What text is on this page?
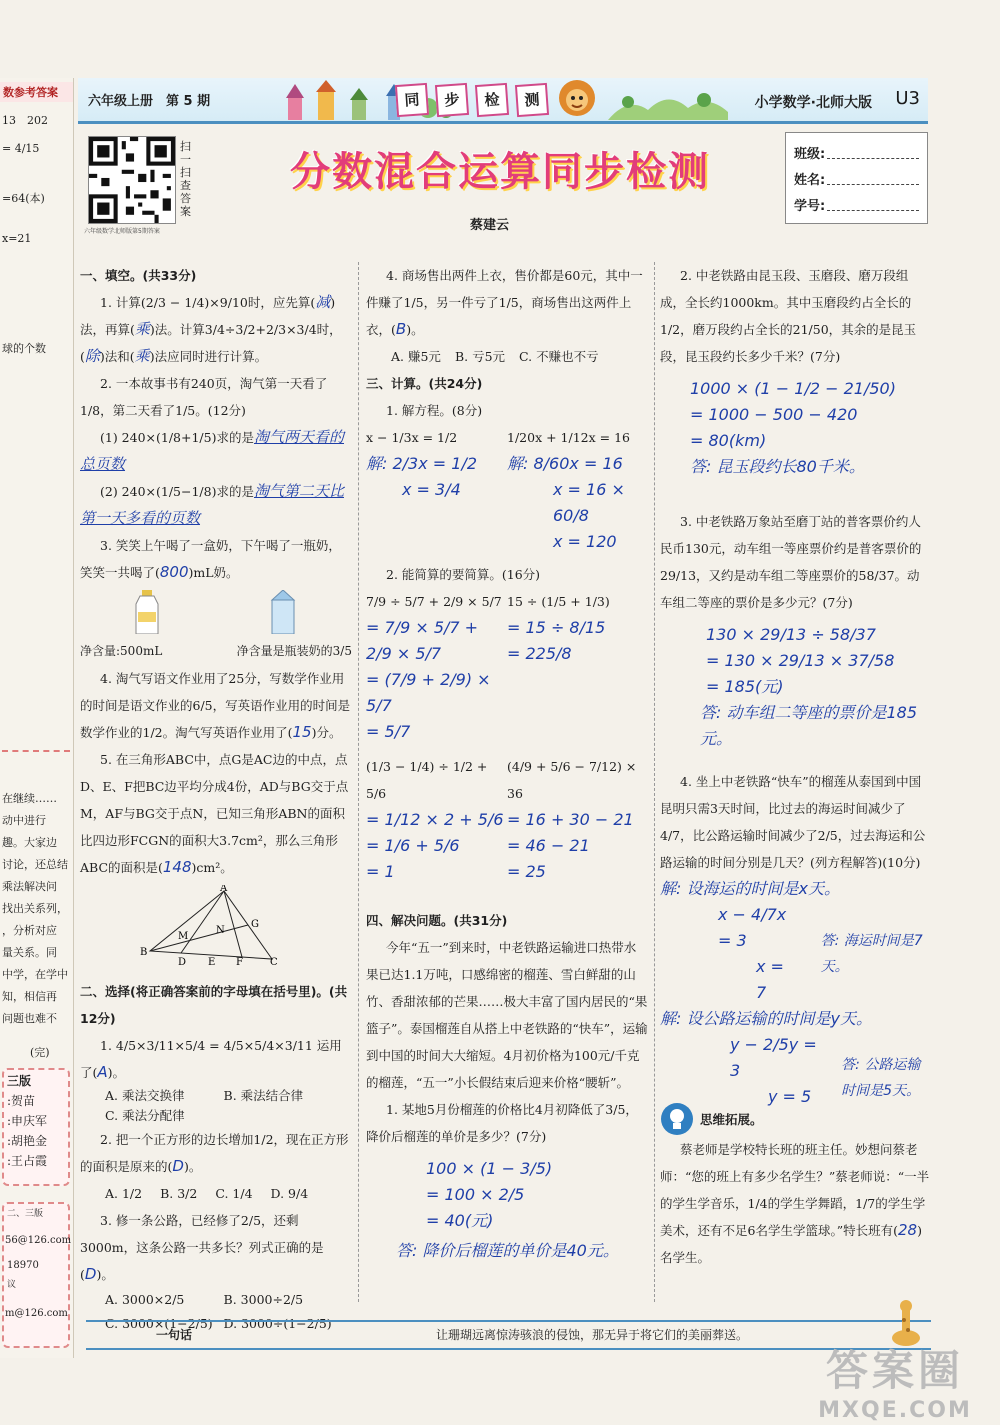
数参考答案
13　202
= 4/15
=64(本)
x=21
球的个数
在继续……
动中进行
趣。大家边
讨论，还总结
乘法解决问
找出关系列，
，分析对应
量关系。同
中学，在学中
知，相信再
问题也难不
(完)
三版
:贺苗
:申庆军
:胡艳金
:王占霞
二、三版
56@126.com
18970
议
m@126.com
六年级上册　第 5 期	同	步	检	测	小学数学·北师大版 U3
扫一扫查答案
六年级数学北师版第5期答案
分数混合运算同步检测
蔡建云
班级:
姓名:
学号:
一、填空。(共33分)
1. 计算(2/3 − 1/4)×9/10时，应先算(减) 法，再算(乘)法。计算3/4÷3/2+2/3×3/4时， (除)法和(乘)法应同时进行计算。
2. 一本故事书有240页，淘气第一天看了1/8，第二天看了1/5。(12分)
(1) 240×(1/8+1/5)求的是淘气两天看的总页数
(2) 240×(1/5−1/8)求的是淘气第二天比第一天多看的页数
3. 笑笑上午喝了一盒奶，下午喝了一瓶奶，笑笑一共喝了(800)mL奶。
净含量:500mL	净含量是瓶装奶的3/5
4. 淘气写语文作业用了25分，写数学作业用的时间是语文作业的6/5，写英语作业用的时间是数学作业的1/2。淘气写英语作业用了(15)分。
5. 在三角形ABC中，点G是AC边的中点，点D、E、F把BC边平均分成4份，AD与BG交于点M，AF与BG交于点N，已知三角形ABN的面积比四边形FCGN的面积大3.7cm²，那么三角形ABC的面积是(148)cm²。
A
M
N
G
B
D E F	C
二、选择(将正确答案前的字母填在括号里)。(共12分)
1. 4/5×3/11×5/4 = 4/5×5/4×3/11 运用了(A)。
A. 乘法交换律	B. 乘法结合律
C. 乘法分配律
2. 把一个正方形的边长增加1/2，现在正方形的面积是原来的(D)。
A. 1/2 B. 3/2 C. 1/4 D. 9/4
3. 修一条公路，已经修了2/5，还剩3000m，这条公路一共多长？列式正确的是(D)。
A. 3000×2/5	B. 3000÷2/5
C. 3000×(1−2/5) D. 3000÷(1−2/5)
4. 商场售出两件上衣，售价都是60元，其中一件赚了1/5，另一件亏了1/5，商场售出这两件上衣，(B)。
A. 赚5元 B. 亏5元 C. 不赚也不亏
三、计算。(共24分)
1. 解方程。(8分)
x − 1/3x = 1/2
解: 2/3x = 1/2
x = 3/4
1/20x + 1/12x = 16
解: 8/60x = 16
x = 16 × 60/8
x = 120
2. 能简算的要简算。(16分)
7/9 ÷ 5/7 + 2/9 × 5/7
= 7/9 × 5/7 + 2/9 × 5/7
= (7/9 + 2/9) × 5/7
= 5/7
15 ÷ (1/5 + 1/3)
= 15 ÷ 8/15
= 225/8
(1/3 − 1/4) ÷ 1/2 + 5/6
= 1/12 × 2 + 5/6
= 1/6 + 5/6
= 1
(4/9 + 5/6 − 7/12) × 36
= 16 + 30 − 21
= 46 − 21
= 25
四、解决问题。(共31分)
今年“五一”到来时，中老铁路运输进口热带水果已达1.1万吨，口感绵密的榴莲、雪白鲜甜的山竹、香甜浓郁的芒果……极大丰富了国内居民的“果篮子”。泰国榴莲自从搭上中老铁路的“快车”，运输到中国的时间大大缩短。4月初价格为100元/千克的榴莲，“五一”小长假结束后迎来价格“腰斩”。
1. 某地5月份榴莲的价格比4月初降低了3/5，降价后榴莲的单价是多少？(7分)
100 × (1 − 3/5)
= 100 × 2/5
= 40(元)
答: 降价后榴莲的单价是40元。
2. 中老铁路由昆玉段、玉磨段、磨万段组成，全长约1000km。其中玉磨段约占全长的1/2，磨万段约占全长的21/50，其余的是昆玉段，昆玉段约长多少千米？(7分)
1000 × (1 − 1/2 − 21/50)
= 1000 − 500 − 420
= 80(km)
答: 昆玉段约长80千米。
3. 中老铁路万象站至磨丁站的普客票价约人民币130元，动车组一等座票价约是普客票价的29/13，又约是动车组二等座票价的58/37。动车组二等座的票价是多少元？(7分)
130 × 29/13 ÷ 58/37
= 130 × 29/13 × 37/58
= 185(元)
答: 动车组二等座的票价是185元。
4. 坐上中老铁路“快车”的榴莲从泰国到中国昆明只需3天时间，比过去的海运时间减少了4/7，比公路运输时间减少了2/5，过去海运和公路运输的时间分别是几天？(列方程解答)(10分)
解: 设海运的时间是x天。
x − 4/7x = 3
x = 7
答: 海运时间是7天。
解: 设公路运输的时间是y天。
y − 2/5y = 3
y = 5
答: 公路运输时间是5天。
思维拓展。
蔡老师是学校特长班的班主任。妙想问蔡老师：“您的班上有多少名学生？”蔡老师说：“一半的学生学音乐，1/4的学生学舞蹈，1/7的学生学美术，还有不足6名学生学篮球。”特长班有(28)名学生。
一句话	让珊瑚远离惊涛骇浪的侵蚀，那无异于将它们的美丽葬送。
答案圈
MXQE.COM
